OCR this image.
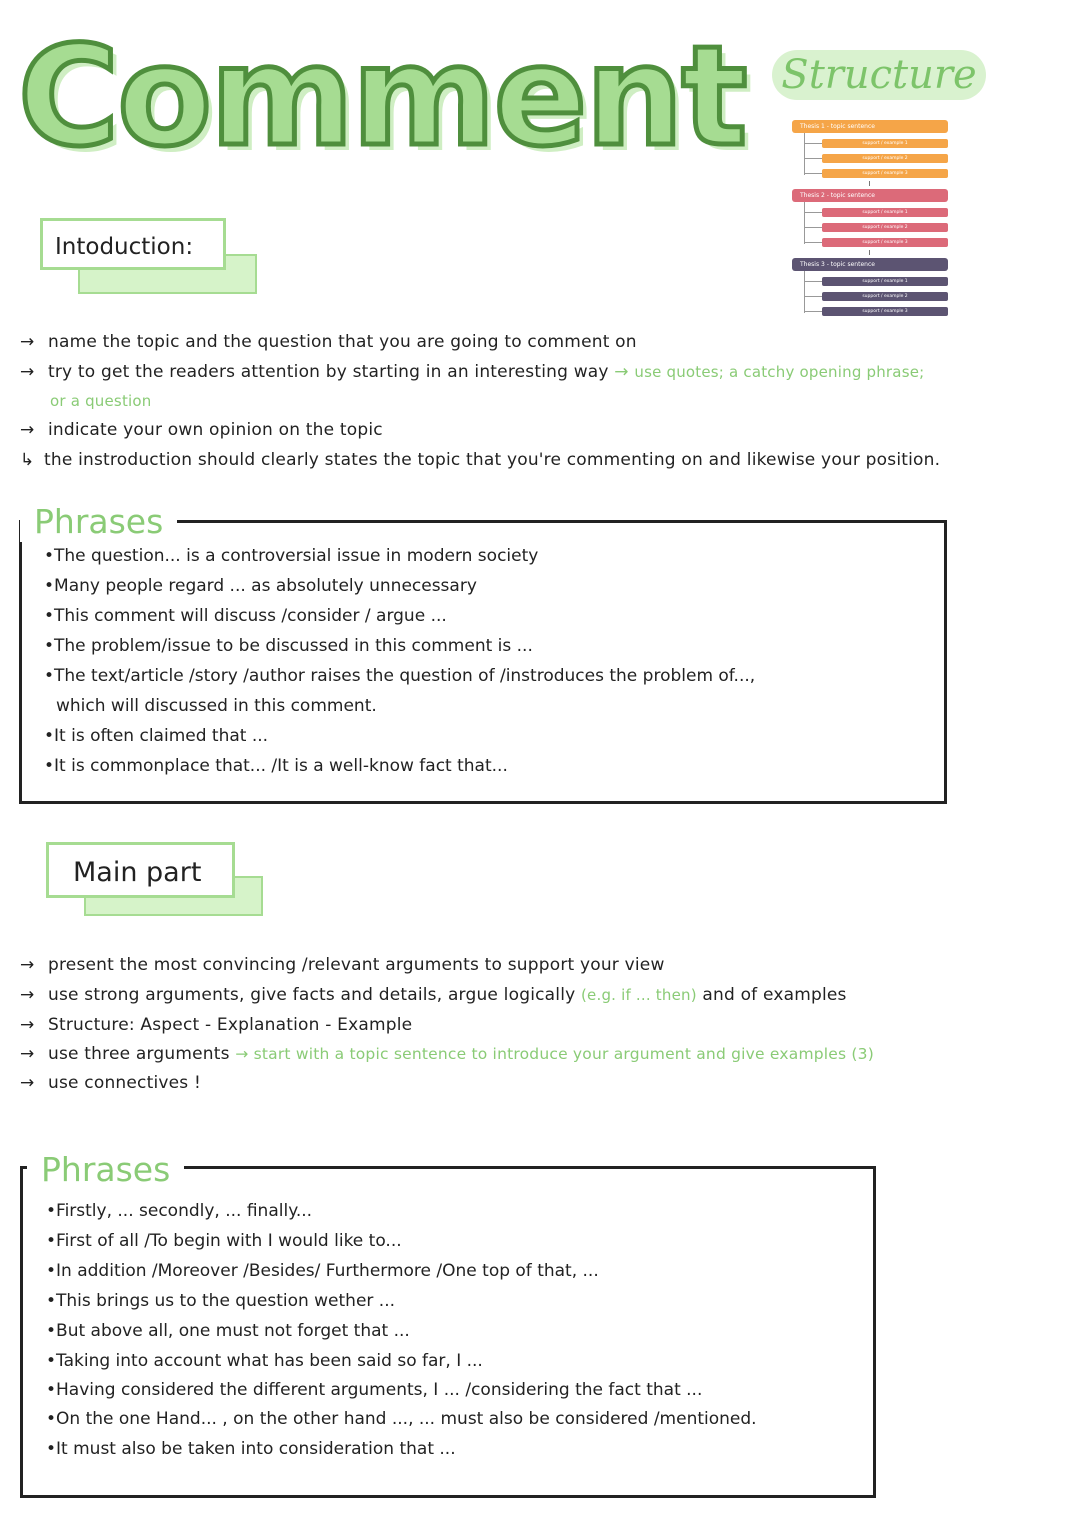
Comment Structure
Thesis 1 - topic sentence
support / example 1
support / example 2
support / example 3
Thesis 2 - topic sentence
support / example 1
support / example 2
support / example 3
Thesis 3 - topic sentence
support / example 1
support / example 2
support / example 3
Intoduction:
→ name the topic and the question that you are going to comment on
→ try to get the readers attention by starting in an interesting way → use quotes; a catchy opening phrase;
or a question
→ indicate your own opinion on the topic
↳ the instroduction should clearly states the topic that you're commenting on and likewise your position.
Phrases
•The question... is a controversial issue in modern society
•Many people regard ... as absolutely unnecessary
•This comment will discuss /consider / argue ...
•The problem/issue to be discussed in this comment is ...
•The text/article /story /author raises the question of /instroduces the problem of...,
which will discussed in this comment.
•It is often claimed that ...
•It is commonplace that... /It is a well-know fact that...
Main part
→ present the most convincing /relevant arguments to support your view
→ use strong arguments, give facts and details, argue logically (e.g. if ... then) and of examples
→ Structure: Aspect - Explanation - Example
→ use three arguments → start with a topic sentence to introduce your argument and give examples (3)
→ use connectives !
Phrases
•Firstly, ... secondly, ... finally...
•First of all /To begin with I would like to...
•In addition /Moreover /Besides/ Furthermore /One top of that, ...
•This brings us to the question wether ...
•But above all, one must not forget that ...
•Taking into account what has been said so far, I ...
•Having considered the different arguments, I ... /considering the fact that ...
•On the one Hand... , on the other hand ..., ... must also be considered /mentioned.
•It must also be taken into consideration that ...
